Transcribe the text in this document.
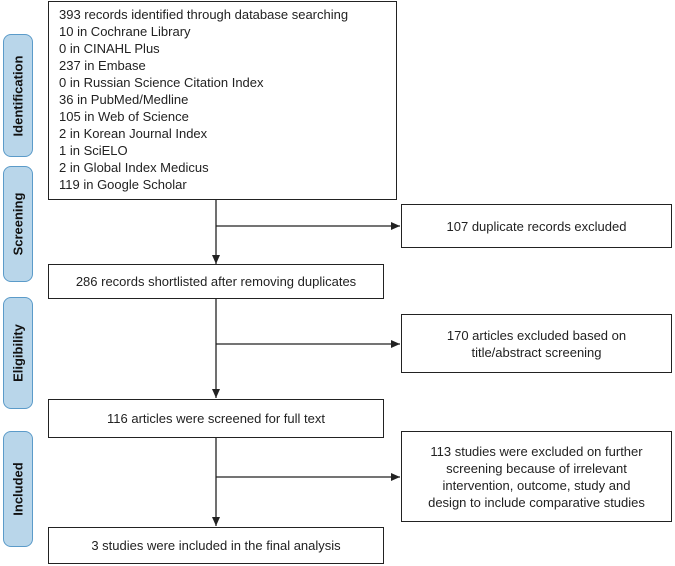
Identification
Screening
Eligibility
Included
393 records identified through database searching
10 in Cochrane Library
0 in CINAHL Plus
237 in Embase
0 in Russian Science Citation Index
36 in PubMed/Medline
105 in Web of Science
2 in Korean Journal Index
1 in SciELO
2 in Global Index Medicus
119 in Google Scholar
107 duplicate records excluded
286 records shortlisted after removing duplicates
170 articles excluded based on
title/abstract screening
116 articles were screened for full text
113 studies were excluded on further
screening because of irrelevant
intervention, outcome, study and
design to include comparative studies
3 studies were included in the final analysis
